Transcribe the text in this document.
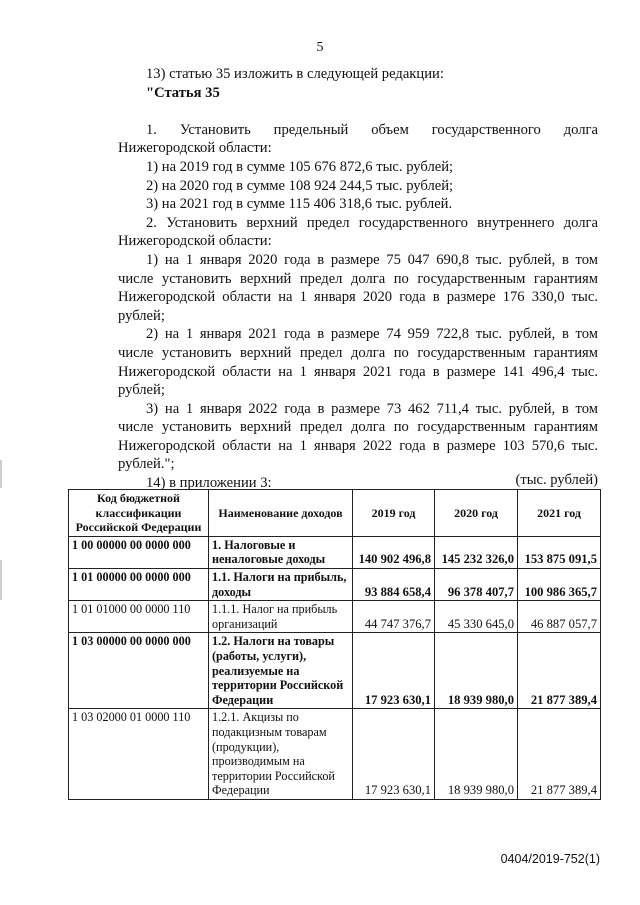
5
13) статью 35 изложить в следующей редакции:
"Статья 35

1. Установить предельный объем государственного долга
Нижегородской области:
1) на 2019 год в сумме 105 676 872,6 тыс. рублей;
2) на 2020 год в сумме 108 924 244,5 тыс. рублей;
3) на 2021 год в сумме 115 406 318,6 тыс. рублей.
2. Установить верхний предел государственного внутреннего долга
Нижегородской области:
1) на 1 января 2020 года в размере 75 047 690,8 тыс. рублей, в том
числе установить верхний предел долга по государственным гарантиям
Нижегородской области на 1 января 2020 года в размере 176 330,0 тыс.
рублей;
2) на 1 января 2021 года в размере 74 959 722,8 тыс. рублей, в том
числе установить верхний предел долга по государственным гарантиям
Нижегородской области на 1 января 2021 года в размере 141 496,4 тыс.
рублей;
3) на 1 января 2022 года в размере 73 462 711,4 тыс. рублей, в том
числе установить верхний предел долга по государственным гарантиям
Нижегородской области на 1 января 2022 года в размере 103 570,6 тыс.
рублей.";
14) в приложении 3:	(тыс. рублей)
Код бюджетной классификации Российской Федерации	Наименование доходов	2019 год	2020 год	2021 год
1 00 00000 00 0000 000	1. Налоговые и неналоговые доходы	140 902 496,8	145 232 326,0	153 875 091,5
1 01 00000 00 0000 000	1.1. Налоги на прибыль, доходы	93 884 658,4	96 378 407,7	100 986 365,7
1 01 01000 00 0000 110	1.1.1. Налог на прибыль организаций	44 747 376,7	45 330 645,0	46 887 057,7
1 03 00000 00 0000 000	1.2. Налоги на товары (работы, услуги), реализуемые на территории Российской Федерации	17 923 630,1	18 939 980,0	21 877 389,4
1 03 02000 01 0000 110	1.2.1. Акцизы по подакцизным товарам (продукции), производимым на территории Российской Федерации	17 923 630,1	18 939 980,0	21 877 389,4
0404/2019-752(1)
